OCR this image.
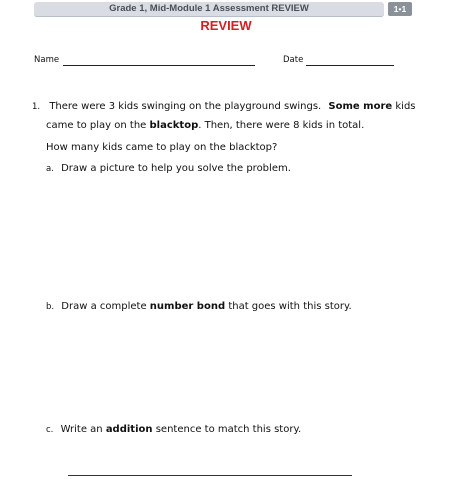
Grade 1, Mid-Module 1 Assessment REVIEW	1•1
REVIEW
Name	Date
1. There were 3 kids swinging on the playground swings. Some more kids
came to play on the blacktop. Then, there were 8 kids in total.
How many kids came to play on the blacktop?
a. Draw a picture to help you solve the problem.
b. Draw a complete number bond that goes with this story.
c. Write an addition sentence to match this story.
